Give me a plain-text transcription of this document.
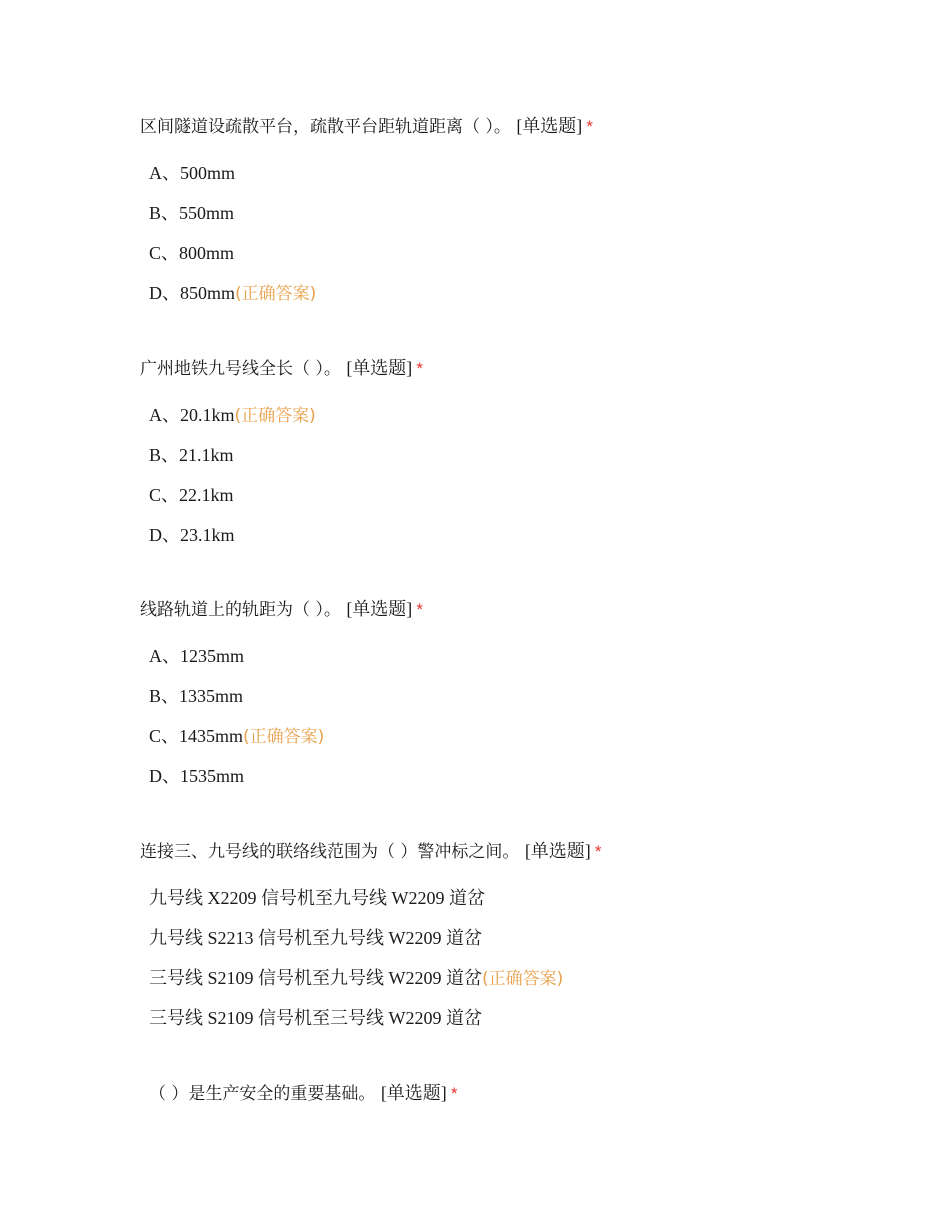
区间隧道设疏散平台，疏散平台距轨道距离（ ）。 [单选题] *

A、500mm
B、550mm
C、800mm
D、850mm(正确答案)

广州地铁九号线全长（ ）。 [单选题] *

A、20.1km(正确答案)
B、21.1km
C、22.1km
D、23.1km

线路轨道上的轨距为（ ）。 [单选题] *

A、1235mm
B、1335mm
C、1435mm(正确答案)
D、1535mm

连接三、九号线的联络线范围为（ ）警冲标之间。 [单选题] *

九号线 X2209 信号机至九号线 W2209 道岔
九号线 S2213 信号机至九号线 W2209 道岔
三号线 S2109 信号机至九号线 W2209 道岔(正确答案)
三号线 S2109 信号机至三号线 W2209 道岔

（ ）是生产安全的重要基础。 [单选题] *
